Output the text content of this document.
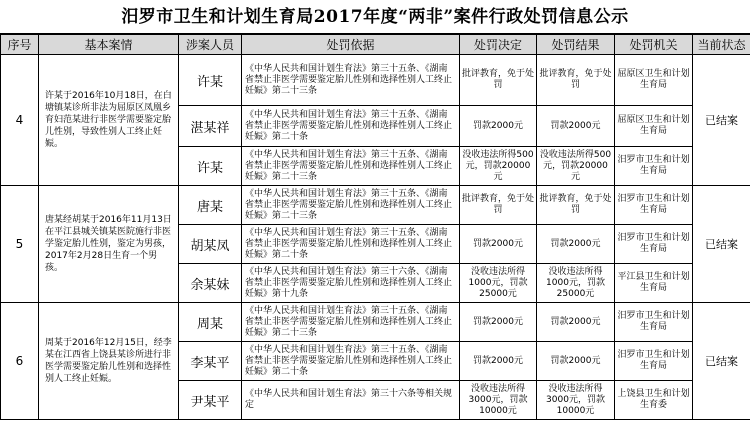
汨罗市卫生和计划生育局2017年度“两非”案件行政处罚信息公示
序号	基本案情	涉案人员	处罚依据	处罚决定	处罚结果	处罚机关	当前状态
4	许某于2016年10月18日，在白塘镇某诊所非法为屈原区凤凰乡育妇范某进行非医学需要鉴定胎儿性别，导致性别人工终止妊娠。	许某	《中华人民共和国计划生育法》第三十五条、《湖南省禁止非医学需要鉴定胎儿性别和选择性别人工终止妊娠》第二十三条	批评教育，免于处罚	批评教育，免于处罚	屈原区卫生和计划生育局	已结案
		湛某祥	《中华人民共和国计划生育法》第三十五条、《湖南省禁止非医学需要鉴定胎儿性别和选择性别人工终止妊娠》第二十条	罚款2000元	罚款2000元	屈原区卫生和计划生育局	
		许某	《中华人民共和国计划生育法》第三十五条、《湖南省禁止非医学需要鉴定胎儿性别和选择性别人工终止妊娠》第二十三条	没收违法所得500元，罚款20000元	没收违法所得500元，罚款20000元	汨罗市卫生和计划生育局	
5	唐某经胡某于2016年11月13日在平江县城关镇某医院施行非医学鉴定胎儿性别，鉴定为男孩，2017年2月28日生育一个男孩。	唐某	《中华人民共和国计划生育法》第三十五条、《湖南省禁止非医学需要鉴定胎儿性别和选择性别人工终止妊娠》第二十三条	批评教育，免于处罚	批评教育，免于处罚	汨罗市卫生和计划生育局	已结案
		胡某凤	《中华人民共和国计划生育法》第三十五条、《湖南省禁止非医学需要鉴定胎儿性别和选择性别人工终止妊娠》第二十条	罚款2000元	罚款2000元	汨罗市卫生和计划生育局	
		余某妹	《中华人民共和国计划生育法》第三十六条、《湖南省禁止非医学需要鉴定胎儿性别和选择性别人工终止妊娠》第十九条	没收违法所得1000元，罚款25000元	没收违法所得1000元，罚款25000元	平江县卫生和计划生育局	
6	周某于2016年12月15日，经李某在江西省上饶县某诊所进行非医学需要鉴定胎儿性别和选择性别人工终止妊娠。	周某	《中华人民共和国计划生育法》第三十五条、《湖南省禁止非医学需要鉴定胎儿性别和选择性别人工终止妊娠》第二十三条	罚款2000元	罚款2000元	汨罗市卫生和计划生育局	已结案
		李某平	《中华人民共和国计划生育法》第三十五条、《湖南省禁止非医学需要鉴定胎儿性别和选择性别人工终止妊娠》第二十条	罚款2000元	罚款2000元	汨罗市卫生和计划生育局	
		尹某平	《中华人民共和国计划生育法》第三十六条等相关规定	没收违法所得3000元，罚款10000元	没收违法所得3000元，罚款10000元	上饶县卫生和计划生育委	
